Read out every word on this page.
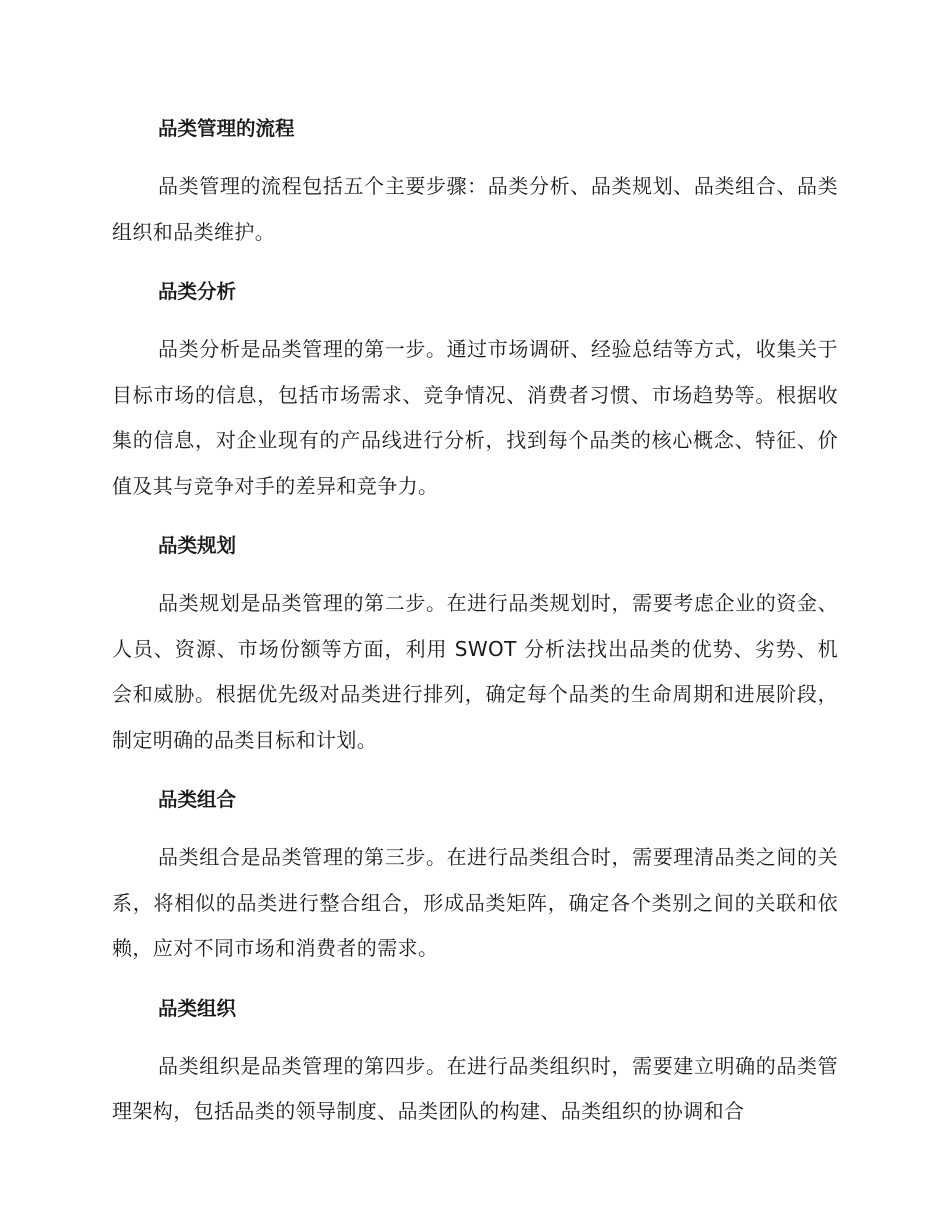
品类管理的流程

品类管理的流程包括五个主要步骤：品类分析、品类规划、品类组合、品类组织和品类维护。

品类分析

品类分析是品类管理的第一步。通过市场调研、经验总结等方式，收集关于目标市场的信息，包括市场需求、竞争情况、消费者习惯、市场趋势等。根据收集的信息，对企业现有的产品线进行分析，找到每个品类的核心概念、特征、价值及其与竞争对手的差异和竞争力。

品类规划

品类规划是品类管理的第二步。在进行品类规划时，需要考虑企业的资金、人员、资源、市场份额等方面，利用 SWOT 分析法找出品类的优势、劣势、机会和威胁。根据优先级对品类进行排列，确定每个品类的生命周期和进展阶段，制定明确的品类目标和计划。

品类组合

品类组合是品类管理的第三步。在进行品类组合时，需要理清品类之间的关系，将相似的品类进行整合组合，形成品类矩阵，确定各个类别之间的关联和依赖，应对不同市场和消费者的需求。

品类组织

品类组织是品类管理的第四步。在进行品类组织时，需要建立明确的品类管理架构，包括品类的领导制度、品类团队的构建、品类组织的协调和合
